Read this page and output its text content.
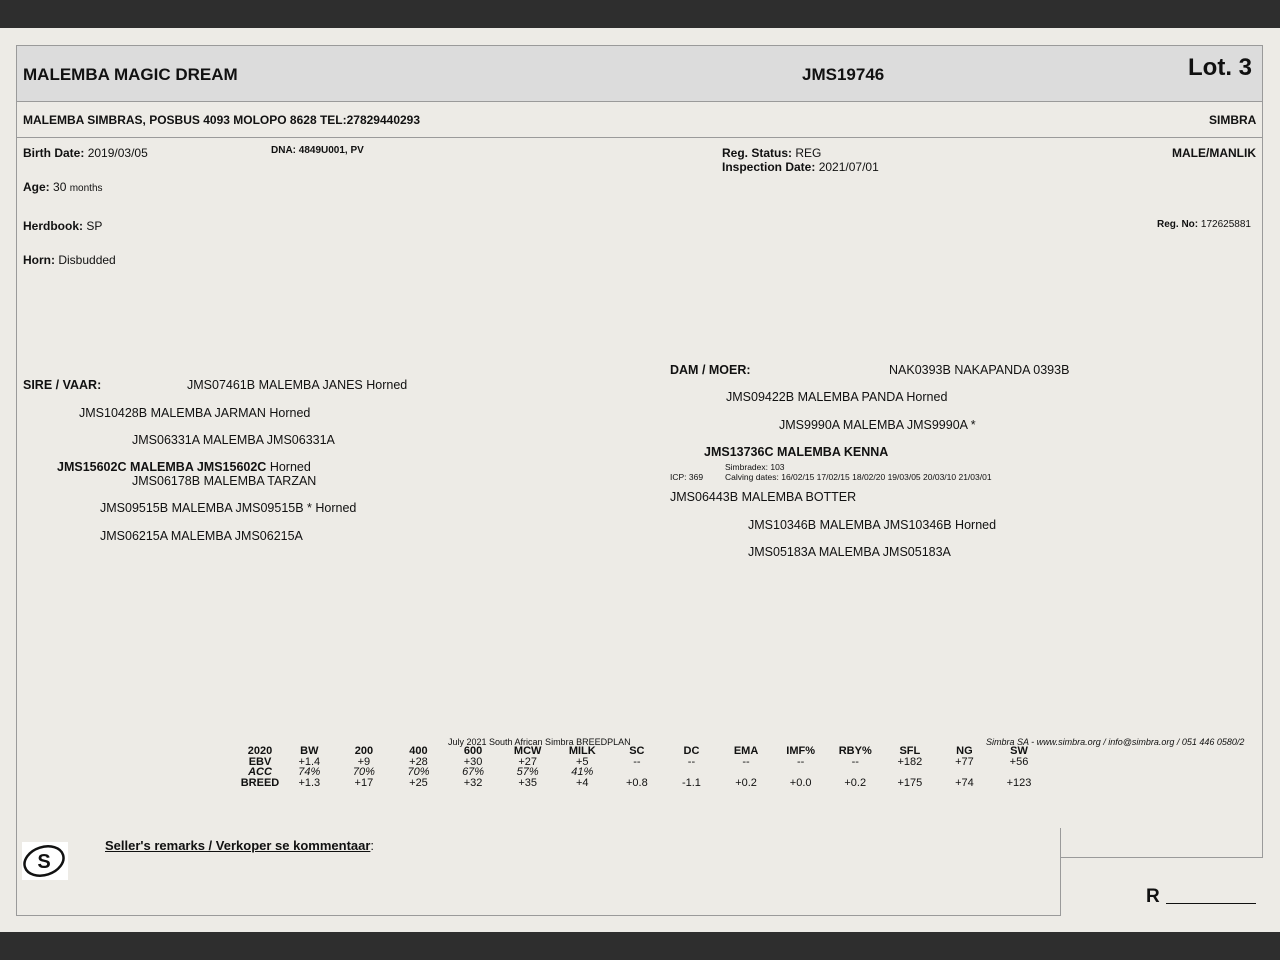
MALEMBA MAGIC DREAM	JMS19746	Lot. 3
MALEMBA SIMBRAS, POSBUS 4093 MOLOPO 8628 TEL:27829440293	SIMBRA
Birth Date: 2019/03/05	DNA: 4849U001, PV	Reg. Status: REG
Inspection Date: 2021/07/01
MALE/MANLIK
Age: 30 months
Herdbook: SP	Reg. No: 172625881
Horn: Disbudded
SIRE / VAAR:	JMS07461B MALEMBA JANES Horned
JMS10428B MALEMBA JARMAN Horned
JMS06331A MALEMBA JMS06331A
JMS15602C MALEMBA JMS15602C Horned
JMS06178B MALEMBA TARZAN
JMS09515B MALEMBA JMS09515B * Horned
JMS06215A MALEMBA JMS06215A
DAM / MOER:	NAK0393B NAKAPANDA 0393B
JMS09422B MALEMBA PANDA Horned
JMS9990A MALEMBA JMS9990A *
JMS13736C MALEMBA KENNA
Simbradex: 103
ICP: 369	Calving dates: 16/02/15 17/02/15 18/02/20 19/03/05 20/03/10 21/03/01
JMS06443B MALEMBA BOTTER
JMS10346B MALEMBA JMS10346B Horned
JMS05183A MALEMBA JMS05183A
July 2021 South African Simbra BREEDPLAN	Simbra SA - www.simbra.org / info@simbra.org / 051 446 0580/2
2020	BW	200	400	600	MCW	MILK	SC	DC	EMA	IMF%	RBY%	SFL	NG	SW
EBV	+1.4	+9	+28	+30	+27	+5	--	--	--	--	--	+182	+77	+56
ACC	74%	70%	70%	67%	57%	41%								
BREED	+1.3	+17	+25	+32	+35	+4	+0.8	-1.1	+0.2	+0.0	+0.2	+175	+74	+123
S
Seller's remarks / Verkoper se kommentaar:
R
